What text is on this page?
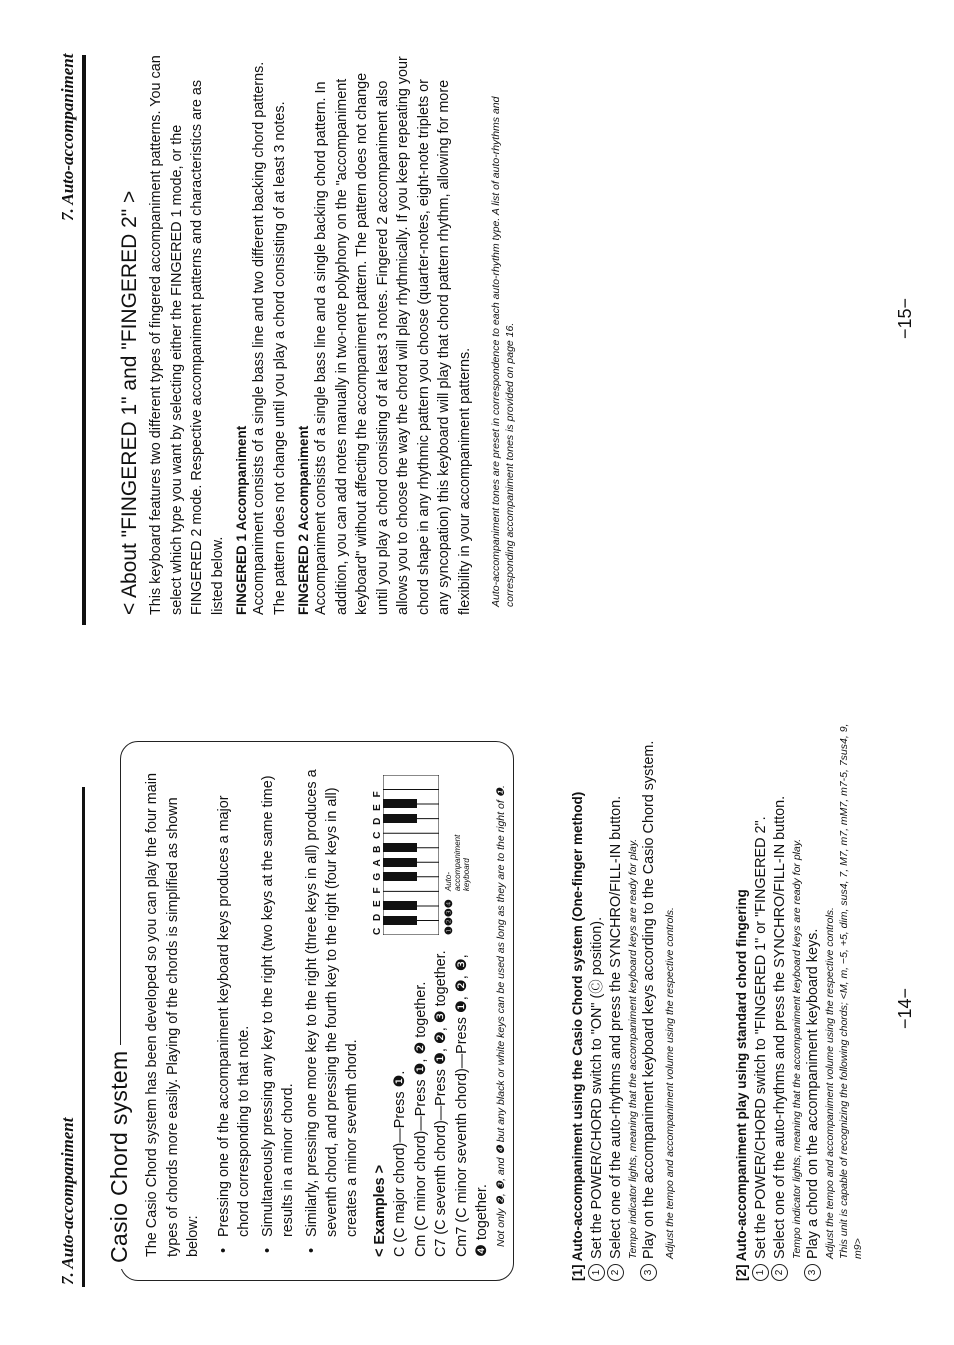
7. Auto-accompaniment Casio Chord system The Casio Chord system has been developed so you can play the four main types of chords more easily. Playing of the chords is simplified as shown below: •
Pressing one of the accompaniment keyboard keys produces a major chord corresponding to that note.
•
Simultaneously pressing any key to the right (two keys at the same time) results in a minor chord.
•
Similarly, pressing one more key to the right (three keys in all) produces a seventh chord, and pressing the fourth key to the right (four keys in all) creates a minor seventh chord. < Examples > C (C major chord)—Press ❶. Cm (C minor chord)—Press ❶, ❷ together. C7 (C seventh chord)—Press ❶, ❷, ❸ together. Cm7 (C minor seventh chord)—Press ❶, ❷, ❸, ❹ together.
C D E F G A B C D E F	❶❷❸❹
Auto-accompaniment keyboard Not only ❷, ❸, and ❹ but any black or white keys can be used as long as they are to the right of ❶.	[1] Auto-accompaniment using the Casio Chord system (One-finger method) 1
Set the POWER/CHORD switch to "ON" (Ⓒ position).
2
Select one of the auto-rhythms and press the SYNCHRO/FILL-IN button. Tempo indicator lights, meaning that the accompaniment keyboard keys are ready for play.
3
Play on the accompaniment keyboard keys according to the Casio Chord system. Adjust the tempo and accompaniment volume using the respective controls.	[2] Auto-accompaniment play using standard chord fingering 1
Set the POWER/CHORD switch to "FINGERED 1" or "FINGERED 2".
2
Select one of the auto-rhythms and press the SYNCHRO/FILL-IN button. Tempo indicator lights, meaning that the accompaniment keyboard keys are ready for play.
3
Play a chord on the accompaniment keyboard keys. Adjust the tempo and accompaniment volume using the respective controls. This unit is capable of recognizing the following chords; <M, m, −5, +5, dim, sus4, 7, M7, m7, mM7, m7-5, 7sus4, 9, m9>
−14−
7. Auto-accompaniment
< About "FINGERED 1" and "FINGERED 2" > This keyboard features two different types of fingered accompaniment patterns. You can select which type you want by selecting either the FINGERED 1 mode, or the FINGERED 2 mode. Respective accompaniment patterns and characteristics are as listed below. FINGERED 1 Accompaniment Accompaniment consists of a single bass line and two different backing chord patterns. The pattern does not change until you play a chord consisting of at least 3 notes. FINGERED 2 Accompaniment Accompaniment consists of a single bass line and a single backing chord pattern. In addition, you can add notes manually in two-note polyphony on the "accompaniment keyboard" without affecting the accompaniment pattern. The pattern does not change until you play a chord consisting of at least 3 notes. Fingered 2 accompaniment also allows you to choose the way the chord will play rhythmically. If you keep repeating your chord shape in any rhythmic pattern you choose (quarter-notes, eight-note triplets or any syncopation) this keyboard will play that chord pattern rhythm, allowing for more flexibility in your accompaniment patterns. Auto-accompaniment tones are preset in correspondence to each auto-rhythm type. A list of auto-rhythms and corresponding accompaniment tones is provided on page 16.

−15−
